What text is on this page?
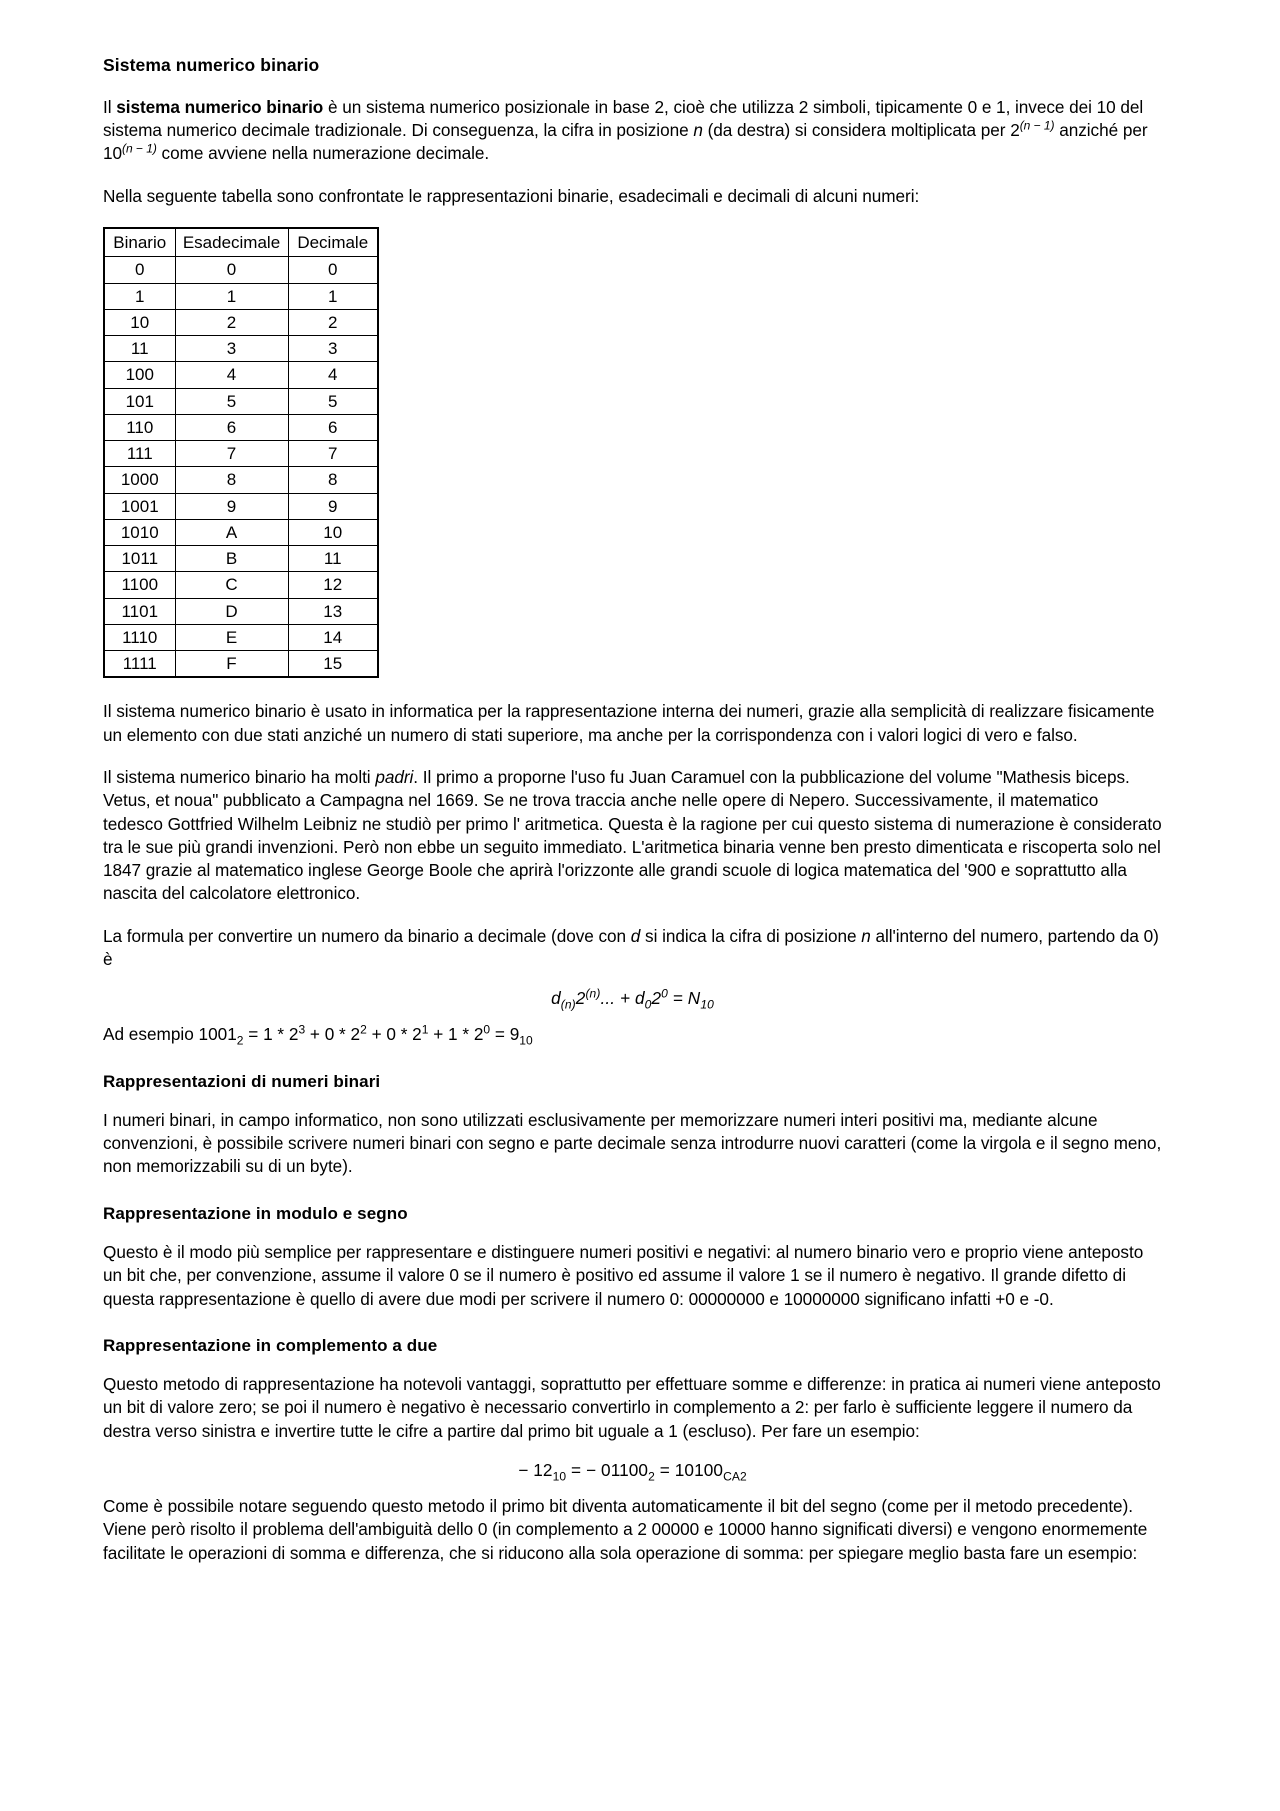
Sistema numerico binario

Il sistema numerico binario è un sistema numerico posizionale in base 2, cioè che utilizza 2 simboli, tipicamente 0 e 1, invece dei 10 del sistema numerico decimale tradizionale. Di conseguenza, la cifra in posizione n (da destra) si considera moltiplicata per $2^{(n - 1)}$ anziché per $10^{(n - 1)}$ come avviene nella numerazione decimale.

Nella seguente tabella sono confrontate le rappresentazioni binarie, esadecimali e decimali di alcuni numeri:

Binario	Esadecimale	Decimale
0	0	0
1	1	1
10	2	2
11	3	3
100	4	4
101	5	5
110	6	6
111	7	7
1000	8	8
1001	9	9
1010	A	10
1011	B	11
1100	C	12
1101	D	13
1110	E	14
1111	F	15

Il sistema numerico binario è usato in informatica per la rappresentazione interna dei numeri, grazie alla semplicità di realizzare fisicamente un elemento con due stati anziché un numero di stati superiore, ma anche per la corrispondenza con i valori logici di vero e falso.

Il sistema numerico binario ha molti padri. Il primo a proporne l'uso fu Juan Caramuel con la pubblicazione del volume "Mathesis biceps. Vetus, et noua" pubblicato a Campagna nel 1669. Se ne trova traccia anche nelle opere di Nepero. Successivamente, il matematico tedesco Gottfried Wilhelm Leibniz ne studiò per primo l' aritmetica. Questa è la ragione per cui questo sistema di numerazione è considerato tra le sue più grandi invenzioni. Però non ebbe un seguito immediato. L'aritmetica binaria venne ben presto dimenticata e riscoperta solo nel 1847 grazie al matematico inglese George Boole che aprirà l'orizzonte alle grandi scuole di logica matematica del '900 e soprattutto alla nascita del calcolatore elettronico.

La formula per convertire un numero da binario a decimale (dove con d si indica la cifra di posizione n all'interno del numero, partendo da 0) è

$d_{(n)}2^{(n)}$... + $d_02^0 = N_{10}$

Ad esempio $1001_2 = 1 * 2^3 + 0 * 2^2 + 0 * 2^1 + 1 * 2^0 = 9_{10}$

Rappresentazioni di numeri binari

I numeri binari, in campo informatico, non sono utilizzati esclusivamente per memorizzare numeri interi positivi ma, mediante alcune convenzioni, è possibile scrivere numeri binari con segno e parte decimale senza introdurre nuovi caratteri (come la virgola e il segno meno, non memorizzabili su di un byte).

Rappresentazione in modulo e segno

Questo è il modo più semplice per rappresentare e distinguere numeri positivi e negativi: al numero binario vero e proprio viene anteposto un bit che, per convenzione, assume il valore 0 se il numero è positivo ed assume il valore 1 se il numero è negativo. Il grande difetto di questa rappresentazione è quello di avere due modi per scrivere il numero 0: 00000000 e 10000000 significano infatti +0 e -0.

Rappresentazione in complemento a due

Questo metodo di rappresentazione ha notevoli vantaggi, soprattutto per effettuare somme e differenze: in pratica ai numeri viene anteposto un bit di valore zero; se poi il numero è negativo è necessario convertirlo in complemento a 2: per farlo è sufficiente leggere il numero da destra verso sinistra e invertire tutte le cifre a partire dal primo bit uguale a 1 (escluso). Per fare un esempio:

− $12_{10}$ = − $01100_2 = 10100_{CA2}$

Come è possibile notare seguendo questo metodo il primo bit diventa automaticamente il bit del segno (come per il metodo precedente). Viene però risolto il problema dell'ambiguità dello 0 (in complemento a 2 00000 e 10000 hanno significati diversi) e vengono enormemente facilitate le operazioni di somma e differenza, che si riducono alla sola operazione di somma: per spiegare meglio basta fare un esempio:
